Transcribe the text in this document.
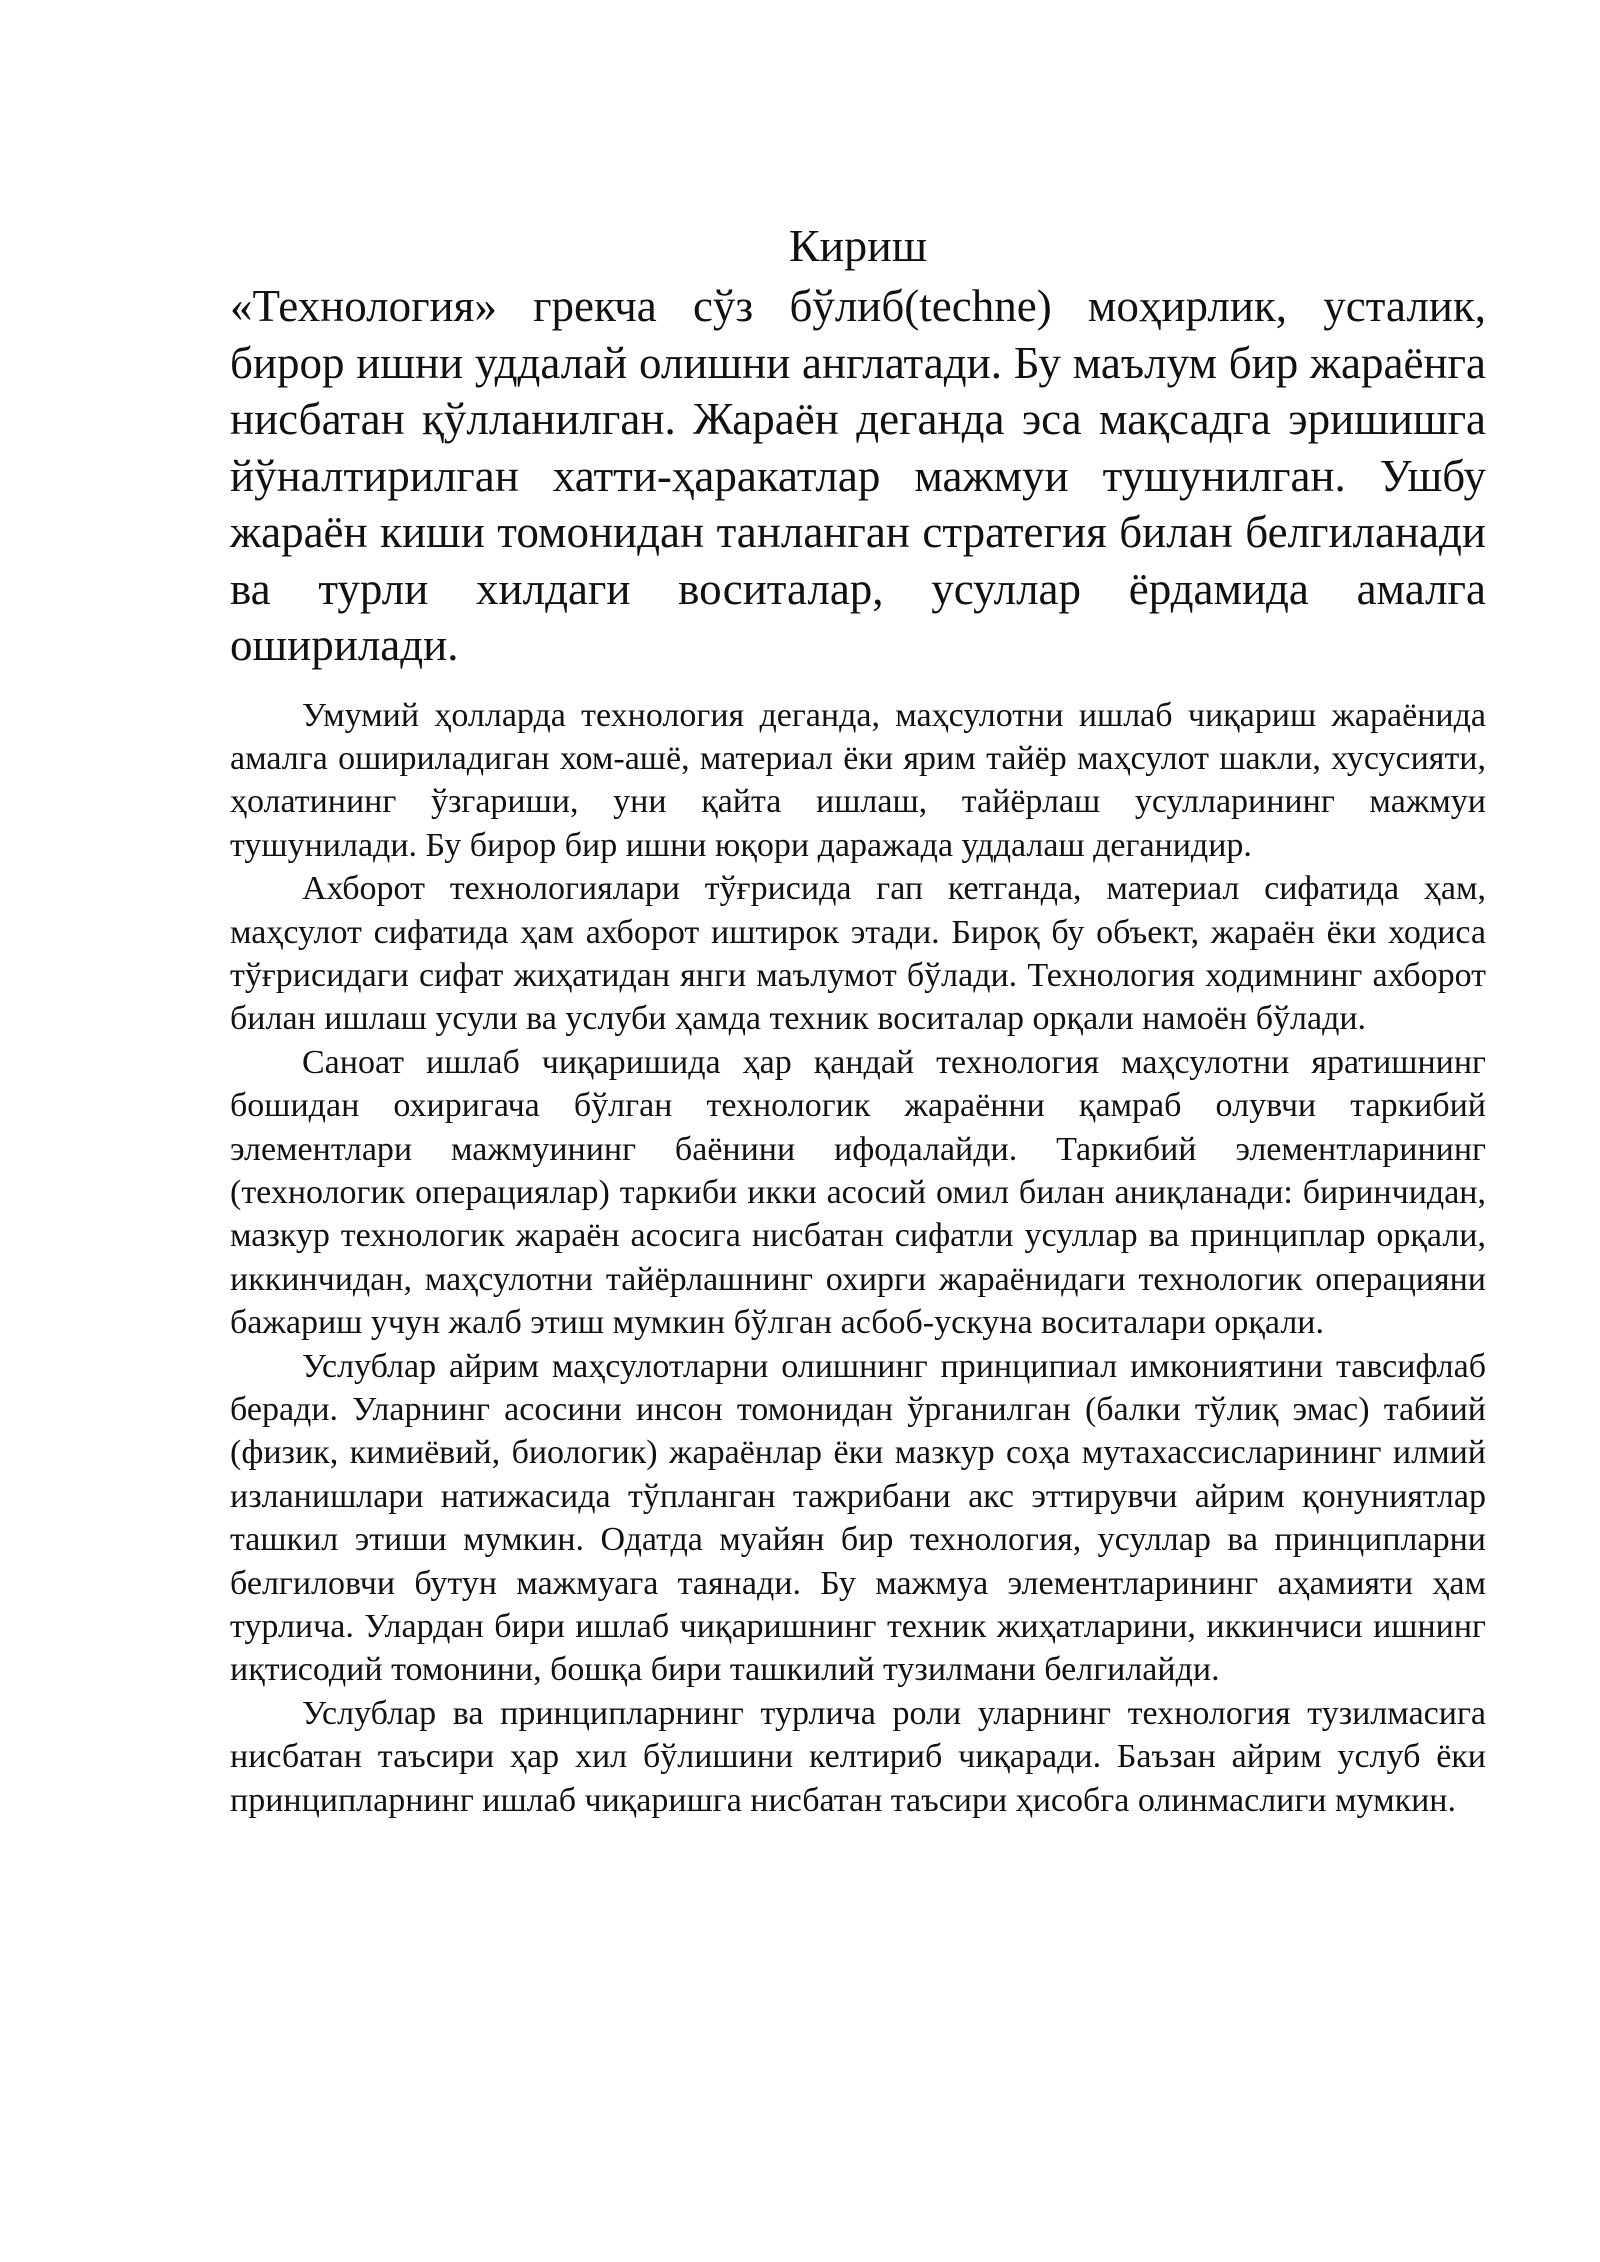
Кириш

«Технология» грекча сўз бўлиб(techne) моҳирлик, усталик, бирор ишни уддалай олишни англатади. Бу маълум бир жараёнга нисбатан қўлланилган. Жараён деганда эса мақсадга эришишга йўналтирилган хатти-ҳаракатлар мажмуи тушунилган. Ушбу жараён киши томонидан танланган стратегия билан белгиланади ва турли хилдаги воситалар, усуллар ёрдамида амалга оширилади.

Умумий ҳолларда технология деганда, маҳсулотни ишлаб чиқариш жараёнида амалга ошириладиган хом-ашё, материал ёки ярим тайёр маҳсулот шакли, хусусияти, ҳолатининг ўзгариши, уни қайта ишлаш, тайёрлаш усулларининг мажмуи тушунилади. Бу бирор бир ишни юқори даражада уддалаш деганидир.

Ахборот технологиялари тўғрисида гап кетганда, материал сифатида ҳам, маҳсулот сифатида ҳам ахборот иштирок этади. Бироқ бу объект, жараён ёки ходиса тўғрисидаги сифат жиҳатидан янги маълумот бўлади. Технология ходимнинг ахборот билан ишлаш усули ва услуби ҳамда техник воситалар орқали намоён бўлади.

Саноат ишлаб чиқаришида ҳар қандай технология маҳсулотни яратишнинг бошидан охиригача бўлган технологик жараённи қамраб олувчи таркибий элементлари мажмуининг баёнини ифодалайди. Таркибий элементларининг (технологик операциялар) таркиби икки асосий омил билан аниқланади: биринчидан, мазкур технологик жараён асосига нисбатан сифатли усуллар ва принциплар орқали, иккинчидан, маҳсулотни тайёрлашнинг охирги жараёнидаги технологик операцияни бажариш учун жалб этиш мумкин бўлган асбоб-ускуна воситалари орқали.

Услублар айрим маҳсулотларни олишнинг принципиал имкониятини тавсифлаб беради. Уларнинг асосини инсон томонидан ўрганилган (балки тўлиқ эмас) табиий (физик, кимиёвий, биологик) жараёнлар ёки мазкур соҳа мутахассисларининг илмий изланишлари натижасида тўпланган тажрибани акс эттирувчи айрим қонуниятлар ташкил этиши мумкин. Одатда муайян бир технология, усуллар ва принципларни белгиловчи бутун мажмуага таянади. Бу мажмуа элементларининг аҳамияти ҳам турлича. Улардан бири ишлаб чиқаришнинг техник жиҳатларини, иккинчиси ишнинг иқтисодий томонини, бошқа бири ташкилий тузилмани белгилайди.

Услублар ва принципларнинг турлича роли уларнинг технология тузилмасига нисбатан таъсири ҳар хил бўлишини келтириб чиқаради. Баъзан айрим услуб ёки принципларнинг ишлаб чиқаришга нисбатан таъсири ҳисобга олинмаслиги мумкин.
